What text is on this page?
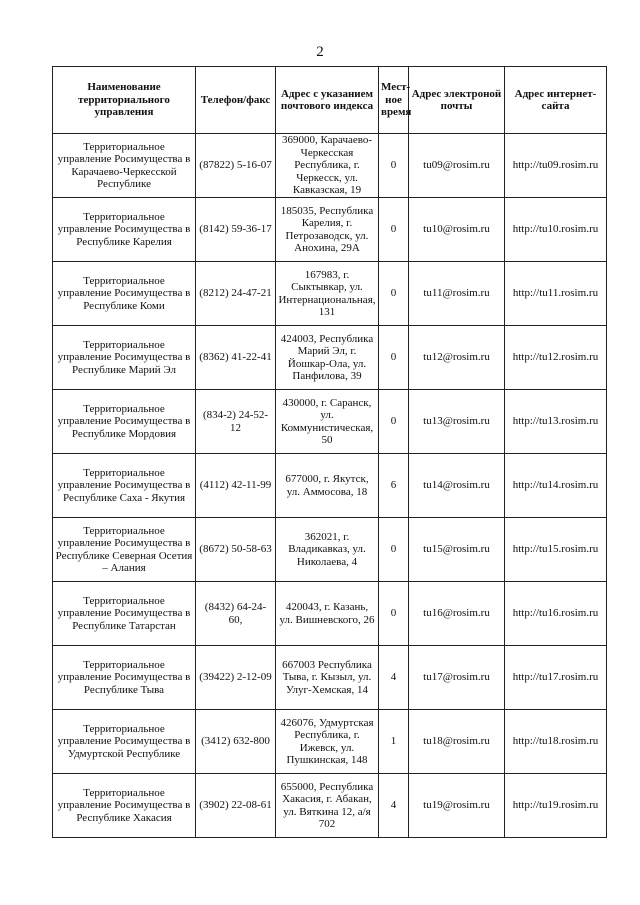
2
Наименование территориального управления	Телефон/факс	Адрес с указанием почтового индекса	Мест-ное время	Адрес электроной почты	Адрес интернет-сайта
Территориальное управление Росимущества в Карачаево-Черкесской Республике	(87822) 5-16-07	369000, Карачаево-Черкесская Республика, г. Черкесск, ул. Кавказская, 19	0	tu09@rosim.ru	http://tu09.rosim.ru
Территориальное управление Росимущества в Республике Карелия	(8142) 59-36-17	185035, Республика Карелия, г. Петрозаводск, ул. Анохина, 29А	0	tu10@rosim.ru	http://tu10.rosim.ru
Территориальное управление Росимущества в Республике Коми	(8212) 24-47-21	167983, г. Сыктывкар, ул. Интернациональная, 131	0	tu11@rosim.ru	http://tu11.rosim.ru
Территориальное управление Росимущества в Республике Марий Эл	(8362) 41-22-41	424003, Республика Марий Эл, г. Йошкар-Ола, ул. Панфилова, 39	0	tu12@rosim.ru	http://tu12.rosim.ru
Территориальное управление Росимущества в Республике Мордовия	(834-2) 24-52-12	430000, г. Саранск, ул. Коммунистическая, 50	0	tu13@rosim.ru	http://tu13.rosim.ru
Территориальное управление Росимущества в Республике Саха - Якутия	(4112) 42-11-99	677000, г. Якутск, ул. Аммосова, 18	6	tu14@rosim.ru	http://tu14.rosim.ru
Территориальное управление Росимущества в Республике Северная Осетия – Алания	(8672) 50-58-63	362021, г. Владикавказ, ул. Николаева, 4	0	tu15@rosim.ru	http://tu15.rosim.ru
Территориальное управление Росимущества в Республике Татарстан	(8432) 64-24-60,	420043, г. Казань, ул. Вишневского, 26	0	tu16@rosim.ru	http://tu16.rosim.ru
Территориальное управление Росимущества в Республике Тыва	(39422) 2-12-09	667003 Республика Тыва, г. Кызыл, ул. Улуг-Хемская, 14	4	tu17@rosim.ru	http://tu17.rosim.ru
Территориальное управление Росимущества в Удмуртской Республике	(3412) 632-800	426076, Удмуртская Республика, г. Ижевск, ул. Пушкинская, 148	1	tu18@rosim.ru	http://tu18.rosim.ru
Территориальное управление Росимущества в Республике Хакасия	(3902) 22-08-61	655000, Республика Хакасия, г. Абакан, ул. Вяткина 12, а/я 702	4	tu19@rosim.ru	http://tu19.rosim.ru
